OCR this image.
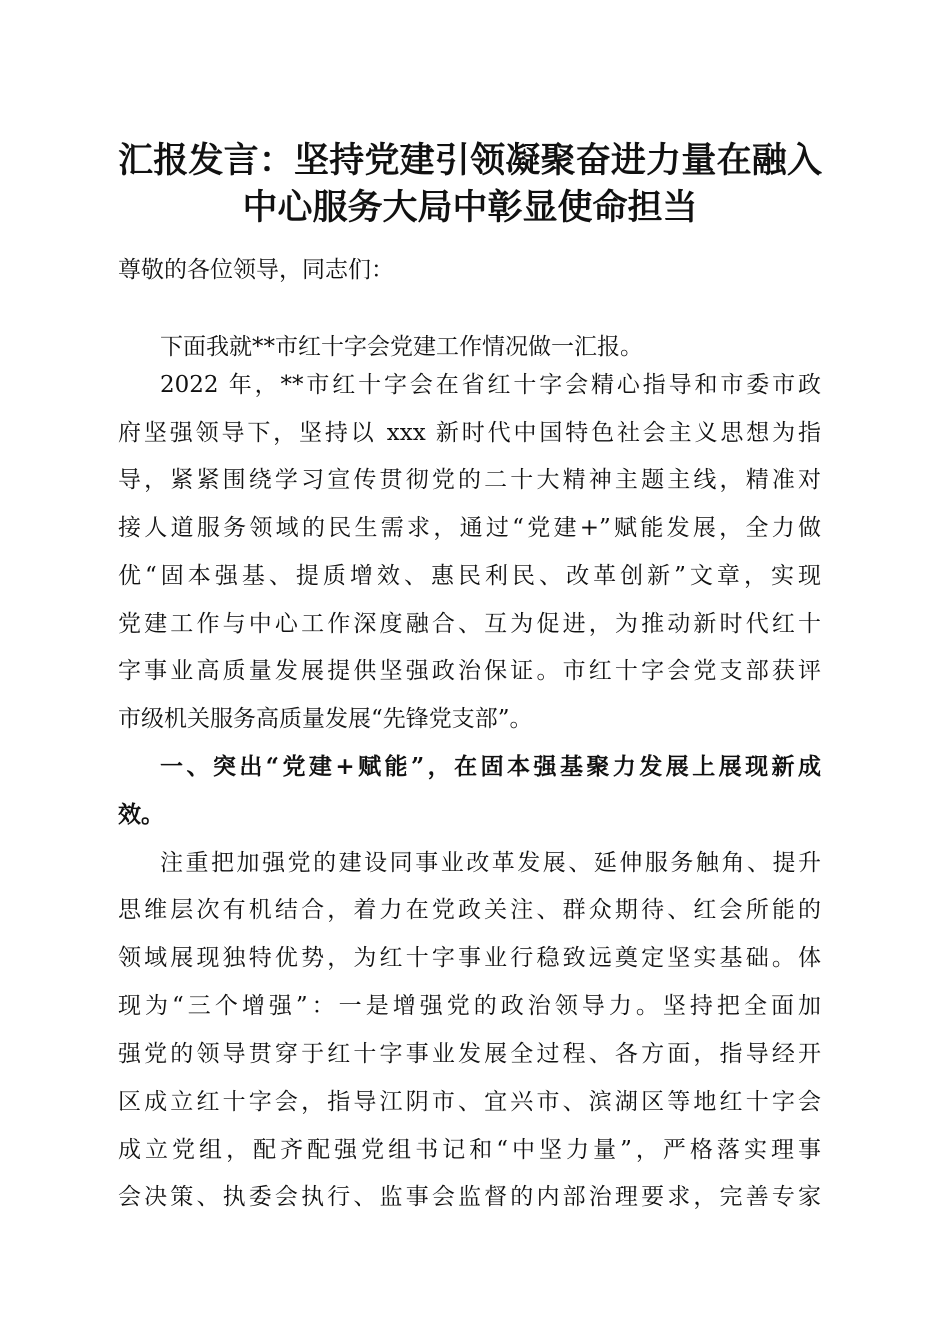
汇报发言：坚持党建引领凝聚奋进力量在融入
中心服务大局中彰显使命担当
尊敬的各位领导，同志们：
下面我就**市红十字会党建工作情况做一汇报。
2022 年，**市红十字会在省红十字会精心指导和市委市政
府坚强领导下，坚持以 xxx 新时代中国特色社会主义思想为指
导，紧紧围绕学习宣传贯彻党的二十大精神主题主线，精准对
接人道服务领域的民生需求，通过“党建+”赋能发展，全力做
优“固本强基、提质增效、惠民利民、改革创新”文章，实现
党建工作与中心工作深度融合、互为促进，为推动新时代红十
字事业高质量发展提供坚强政治保证。市红十字会党支部获评
市级机关服务高质量发展“先锋党支部”。
一、突出“党建+赋能”，在固本强基聚力发展上展现新成
效。
注重把加强党的建设同事业改革发展、延伸服务触角、提升
思维层次有机结合，着力在党政关注、群众期待、红会所能的
领域展现独特优势，为红十字事业行稳致远奠定坚实基础。体
现为“三个增强”：一是增强党的政治领导力。坚持把全面加
强党的领导贯穿于红十字事业发展全过程、各方面，指导经开
区成立红十字会，指导江阴市、宜兴市、滨湖区等地红十字会
成立党组，配齐配强党组书记和“中坚力量”，严格落实理事
会决策、执委会执行、监事会监督的内部治理要求，完善专家
